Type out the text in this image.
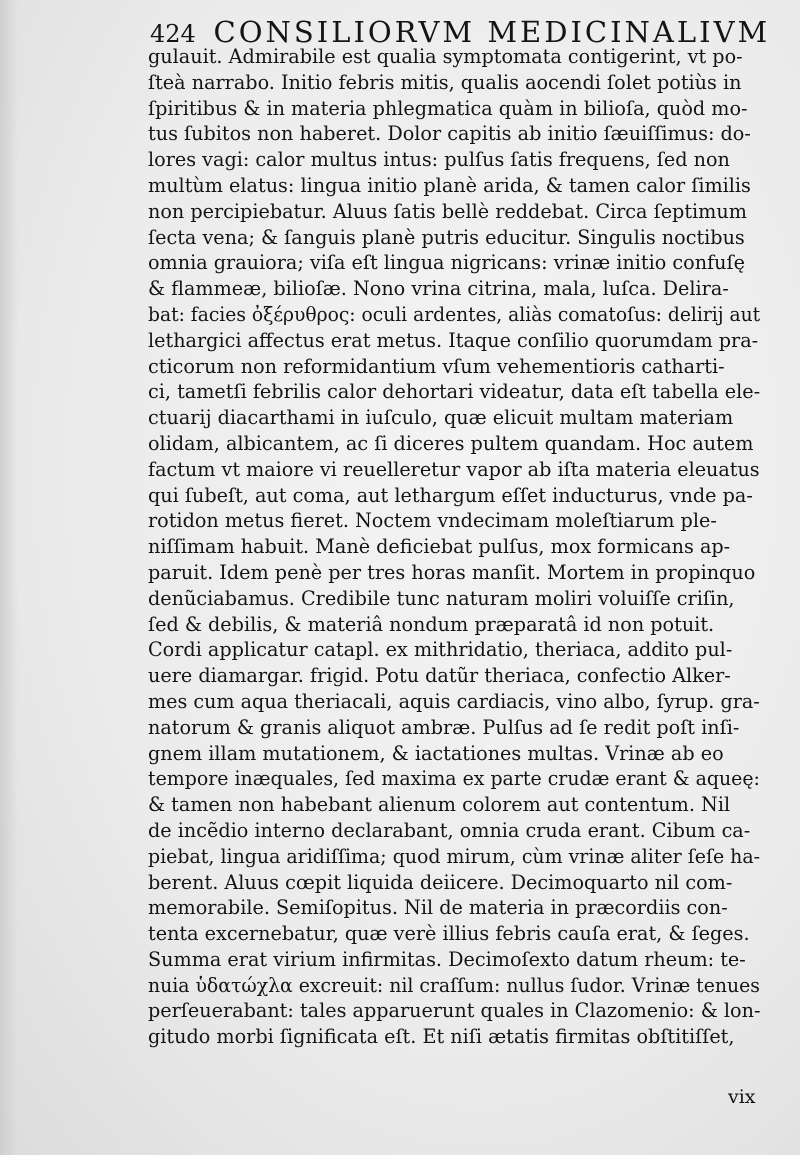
424 CONSILIORVM MEDICINALIVM
gulauit. Admirabile est qualia symptomata contigerint, vt po-
ſteà narrabo. Initio febris mitis, qualis aocendi ſolet potiùs in
ſpiritibus & in materia phlegmatica quàm in bilioſa, quòd mo-
tus ſubitos non haberet. Dolor capitis ab initio ſæuiſſimus: do-
lores vagi: calor multus intus: pulſus ſatis frequens, ſed non
multùm elatus: lingua initio planè arida, & tamen calor ſimilis
non percipiebatur. Aluus ſatis bellè reddebat. Circa ſeptimum
ſecta vena; & ſanguis planè putris educitur. Singulis noctibus
omnia grauiora; viſa eſt lingua nigricans: vrinæ initio confuſę
& flammeæ, bilioſæ. Nono vrina citrina, mala, luſca. Delira-
bat: facies ὀξέρυθρος: oculi ardentes, aliàs comatoſus: delirij aut
lethargici affectus erat metus. Itaque conſilio quorumdam pra-
cticorum non reformidantium vſum vehementioris catharti-
ci, tametſi febrilis calor dehortari videatur, data eſt tabella ele-
ctuarij diacarthami in iuſculo, quæ elicuit multam materiam
olidam, albicantem, ac ſi diceres pultem quandam. Hoc autem
factum vt maiore vi reuelleretur vapor ab iſta materia eleuatus
qui ſubeſt, aut coma, aut lethargum eſſet inducturus, vnde pa-
rotidon metus fieret. Noctem vndecimam moleſtiarum ple-
niſſimam habuit. Manè deficiebat pulſus, mox formicans ap-
paruit. Idem penè per tres horas manſit. Mortem in propinquo
denũciabamus. Credibile tunc naturam moliri voluiſſe criſin,
ſed & debilis, & materiâ nondum præparatâ id non potuit.
Cordi applicatur catapl. ex mithridatio, theriaca, addito pul-
uere diamargar. frigid. Potu datũr theriaca, confectio Alker-
mes cum aqua theriacali, aquis cardiacis, vino albo, ſyrup. gra-
natorum & granis aliquot ambræ. Pulſus ad ſe redit poſt inſi-
gnem illam mutationem, & iactationes multas. Vrinæ ab eo
tempore inæquales, ſed maxima ex parte crudæ erant & aqueę:
& tamen non habebant alienum colorem aut contentum. Nil
de incẽdio interno declarabant, omnia cruda erant. Cibum ca-
piebat, lingua aridiſſima; quod mirum, cùm vrinæ aliter ſeſe ha-
berent. Aluus cœpit liquida deiicere. Decimoquarto nil com-
memorabile. Semiſopitus. Nil de materia in præcordiis con-
tenta excernebatur, quæ verè illius febris cauſa erat, & ſeges.
Summa erat virium infirmitas. Decimoſexto datum rheum: te-
nuia ὑδατώχλα excreuit: nil craſſum: nullus ſudor. Vrinæ tenues
perſeuerabant: tales apparuerunt quales in Clazomenio: & lon-
gitudo morbi ſignificata eſt. Et niſi ætatis firmitas obſtitiſſet,
vix
